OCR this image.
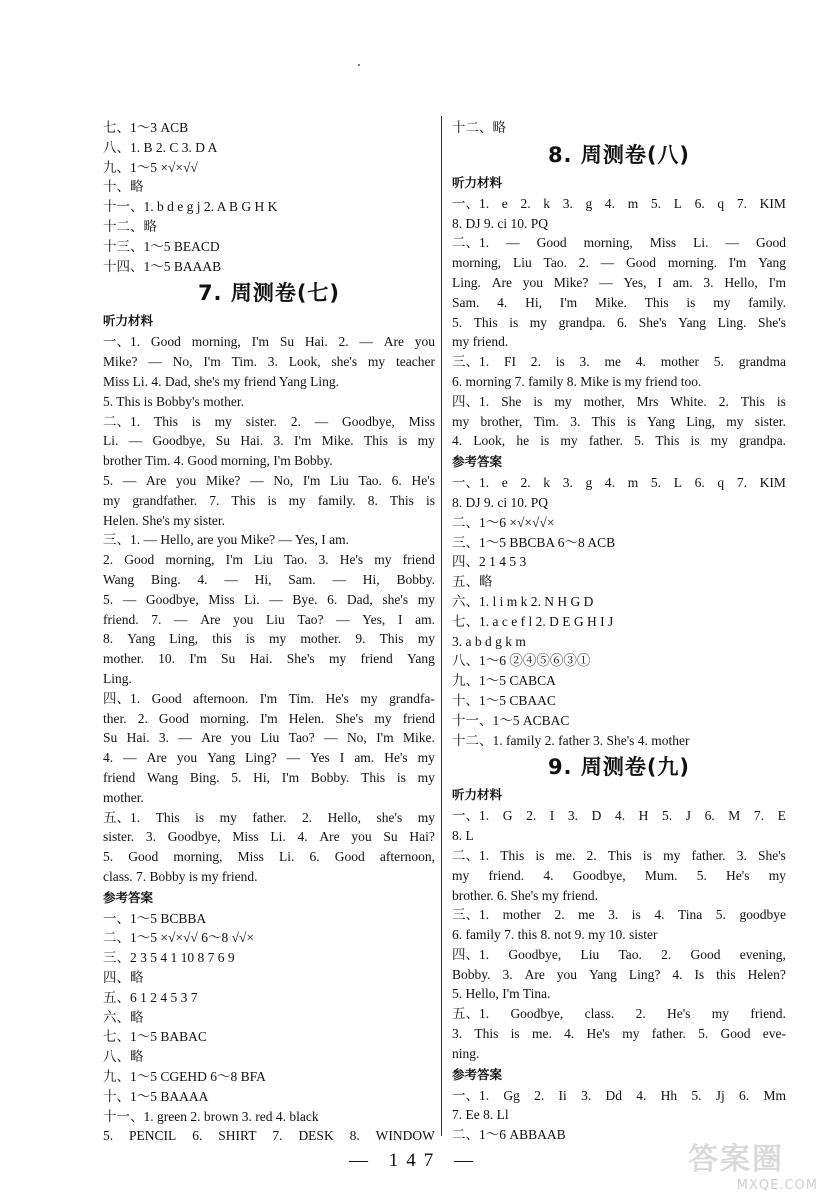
七、1～3 ACB
八、1. B 2. C 3. D A
九、1～5 ×√×√√
十、略
十一、1. b d e g j 2. A B G H K
十二、略
十三、1～5 BEACD
十四、1～5 BAAAB
7. 周测卷(七)
听力材料
一、1. Good morning, I'm Su Hai. 2. — Are you
Mike? — No, I'm Tim. 3. Look, she's my teacher
Miss Li. 4. Dad, she's my friend Yang Ling.
5. This is Bobby's mother.
二、1. This is my sister. 2. — Goodbye, Miss
Li. — Goodbye, Su Hai. 3. I'm Mike. This is my
brother Tim. 4. Good morning, I'm Bobby.
5. — Are you Mike? — No, I'm Liu Tao. 6. He's
my grandfather. 7. This is my family. 8. This is
Helen. She's my sister.
三、1. — Hello, are you Mike? — Yes, I am.
2. Good morning, I'm Liu Tao. 3. He's my friend
Wang Bing. 4. — Hi, Sam. — Hi, Bobby.
5. — Goodbye, Miss Li. — Bye. 6. Dad, she's my
friend. 7. — Are you Liu Tao? — Yes, I am.
8. Yang Ling, this is my mother. 9. This my
mother. 10. I'm Su Hai. She's my friend Yang
Ling.
四、1. Good afternoon. I'm Tim. He's my grandfa-
ther. 2. Good morning. I'm Helen. She's my friend
Su Hai. 3. — Are you Liu Tao? — No, I'm Mike.
4. — Are you Yang Ling? — Yes I am. He's my
friend Wang Bing. 5. Hi, I'm Bobby. This is my
mother.
五、1. This is my father. 2. Hello, she's my
sister. 3. Goodbye, Miss Li. 4. Are you Su Hai?
5. Good morning, Miss Li. 6. Good afternoon,
class. 7. Bobby is my friend.
参考答案
一、1～5 BCBBA
二、1～5 ×√×√√ 6～8 √√×
三、2 3 5 4 1 10 8 7 6 9
四、略
五、6 1 2 4 5 3 7
六、略
七、1～5 BABAC
八、略
九、1～5 CGEHD 6～8 BFA
十、1～5 BAAAA
十一、1. green 2. brown 3. red 4. black
5. PENCIL 6. SHIRT 7. DESK 8. WINDOW
十二、略
8. 周测卷(八)
听力材料
一、1. e 2. k 3. g 4. m 5. L 6. q 7. KIM
8. DJ 9. ci 10. PQ
二、1. — Good morning, Miss Li. — Good
morning, Liu Tao. 2. — Good morning. I'm Yang
Ling. Are you Mike? — Yes, I am. 3. Hello, I'm
Sam. 4. Hi, I'm Mike. This is my family.
5. This is my grandpa. 6. She's Yang Ling. She's
my friend.
三、1. FI 2. is 3. me 4. mother 5. grandma
6. morning 7. family 8. Mike is my friend too.
四、1. She is my mother, Mrs White. 2. This is
my brother, Tim. 3. This is Yang Ling, my sister.
4. Look, he is my father. 5. This is my grandpa.
参考答案
一、1. e 2. k 3. g 4. m 5. L 6. q 7. KIM
8. DJ 9. ci 10. PQ
二、1～6 ×√×√√×
三、1～5 BBCBA 6～8 ACB
四、2 1 4 5 3
五、略
六、1. l i m k 2. N H G D
七、1. a c e f l 2. D E G H I J
3. a b d g k m
八、1～6 ②④⑤⑥③①
九、1～5 CABCA
十、1～5 CBAAC
十一、1～5 ACBAC
十二、1. family 2. father 3. She's 4. mother
9. 周测卷(九)
听力材料
一、1. G 2. I 3. D 4. H 5. J 6. M 7. E
8. L
二、1. This is me. 2. This is my father. 3. She's
my friend. 4. Goodbye, Mum. 5. He's my
brother. 6. She's my friend.
三、1. mother 2. me 3. is 4. Tina 5. goodbye
6. family 7. this 8. not 9. my 10. sister
四、1. Goodbye, Liu Tao. 2. Good evening,
Bobby. 3. Are you Yang Ling? 4. Is this Helen?
5. Hello, I'm Tina.
五、1. Goodbye, class. 2. He's my friend.
3. This is me. 4. He's my father. 5. Good eve-
ning.
参考答案
一、1. Gg 2. Ii 3. Dd 4. Hh 5. Jj 6. Mm
7. Ee 8. Ll
二、1～6 ABBAAB
— 147 —	答案圈
MXQE.COM
